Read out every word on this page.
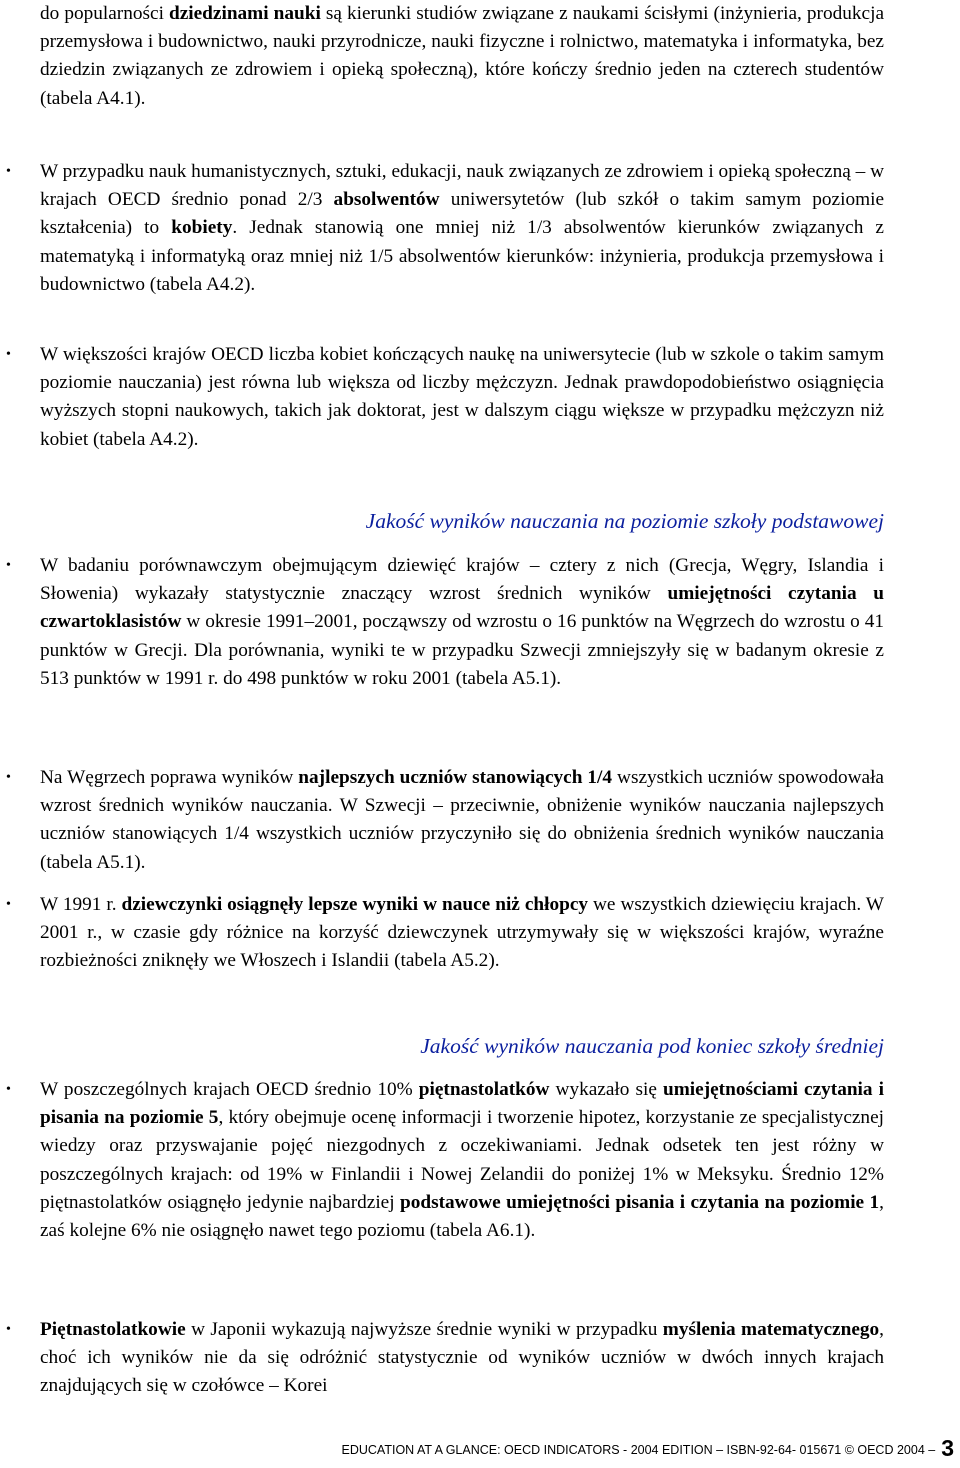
do popularności dziedzinami nauki są kierunki studiów związane z naukami ścisłymi (inżynieria, produkcja przemysłowa i budownictwo, nauki przyrodnicze, nauki fizyczne i rolnictwo, matematyka i informatyka, bez dziedzin związanych ze zdrowiem i opieką społeczną), które kończy średnio jeden na czterech studentów (tabela A4.1).
•	W przypadku nauk humanistycznych, sztuki, edukacji, nauk związanych ze zdrowiem i opieką społeczną – w krajach OECD średnio ponad 2/3 absolwentów uniwersytetów (lub szkół o takim samym poziomie kształcenia) to kobiety. Jednak stanowią one mniej niż 1/3 absolwentów kierunków związanych z matematyką i informatyką oraz mniej niż 1/5 absolwentów kierunków: inżynieria, produkcja przemysłowa i budownictwo (tabela A4.2).
•	W większości krajów OECD liczba kobiet kończących naukę na uniwersytecie (lub w szkole o takim samym poziomie nauczania) jest równa lub większa od liczby mężczyzn. Jednak prawdopodobieństwo osiągnięcia wyższych stopni naukowych, takich jak doktorat, jest w dalszym ciągu większe w przypadku mężczyzn niż kobiet (tabela A4.2).
Jakość wyników nauczania na poziomie szkoły podstawowej
•	W badaniu porównawczym obejmującym dziewięć krajów – cztery z nich (Grecja, Węgry, Islandia i Słowenia) wykazały statystycznie znaczący wzrost średnich wyników umiejętności czytania u czwartoklasistów w okresie 1991–2001, począwszy od wzrostu o 16 punktów na Węgrzech do wzrostu o 41 punktów w Grecji. Dla porównania, wyniki te w przypadku Szwecji zmniejszyły się w badanym okresie z 513 punktów w 1991 r. do 498 punktów w roku 2001 (tabela A5.1).
•	Na Węgrzech poprawa wyników najlepszych uczniów stanowiących 1/4 wszystkich uczniów spowodowała wzrost średnich wyników nauczania. W Szwecji – przeciwnie, obniżenie wyników nauczania najlepszych uczniów stanowiących 1/4 wszystkich uczniów przyczyniło się do obniżenia średnich wyników nauczania (tabela A5.1).
•	W 1991 r. dziewczynki osiągnęły lepsze wyniki w nauce niż chłopcy we wszystkich dziewięciu krajach. W 2001 r., w czasie gdy różnice na korzyść dziewczynek utrzymywały się w większości krajów, wyraźne rozbieżności zniknęły we Włoszech i Islandii (tabela A5.2).
Jakość wyników nauczania pod koniec szkoły średniej
•	W poszczególnych krajach OECD średnio 10% piętnastolatków wykazało się umiejętnościami czytania i pisania na poziomie 5, który obejmuje ocenę informacji i tworzenie hipotez, korzystanie ze specjalistycznej wiedzy oraz przyswajanie pojęć niezgodnych z oczekiwaniami. Jednak odsetek ten jest różny w poszczególnych krajach: od 19% w Finlandii i Nowej Zelandii do poniżej 1% w Meksyku. Średnio 12% piętnastolatków osiągnęło jedynie najbardziej podstawowe umiejętności pisania i czytania na poziomie 1, zaś kolejne 6% nie osiągnęło nawet tego poziomu (tabela A6.1).
•	Piętnastolatkowie w Japonii wykazują najwyższe średnie wyniki w przypadku myślenia matematycznego, choć ich wyników nie da się odróżnić statystycznie od wyników uczniów w dwóch innych krajach znajdujących się w czołówce – Korei
EDUCATION AT A GLANCE: OECD INDICATORS - 2004 EDITION – ISBN-92-64- 015671 © OECD 2004 – 3
